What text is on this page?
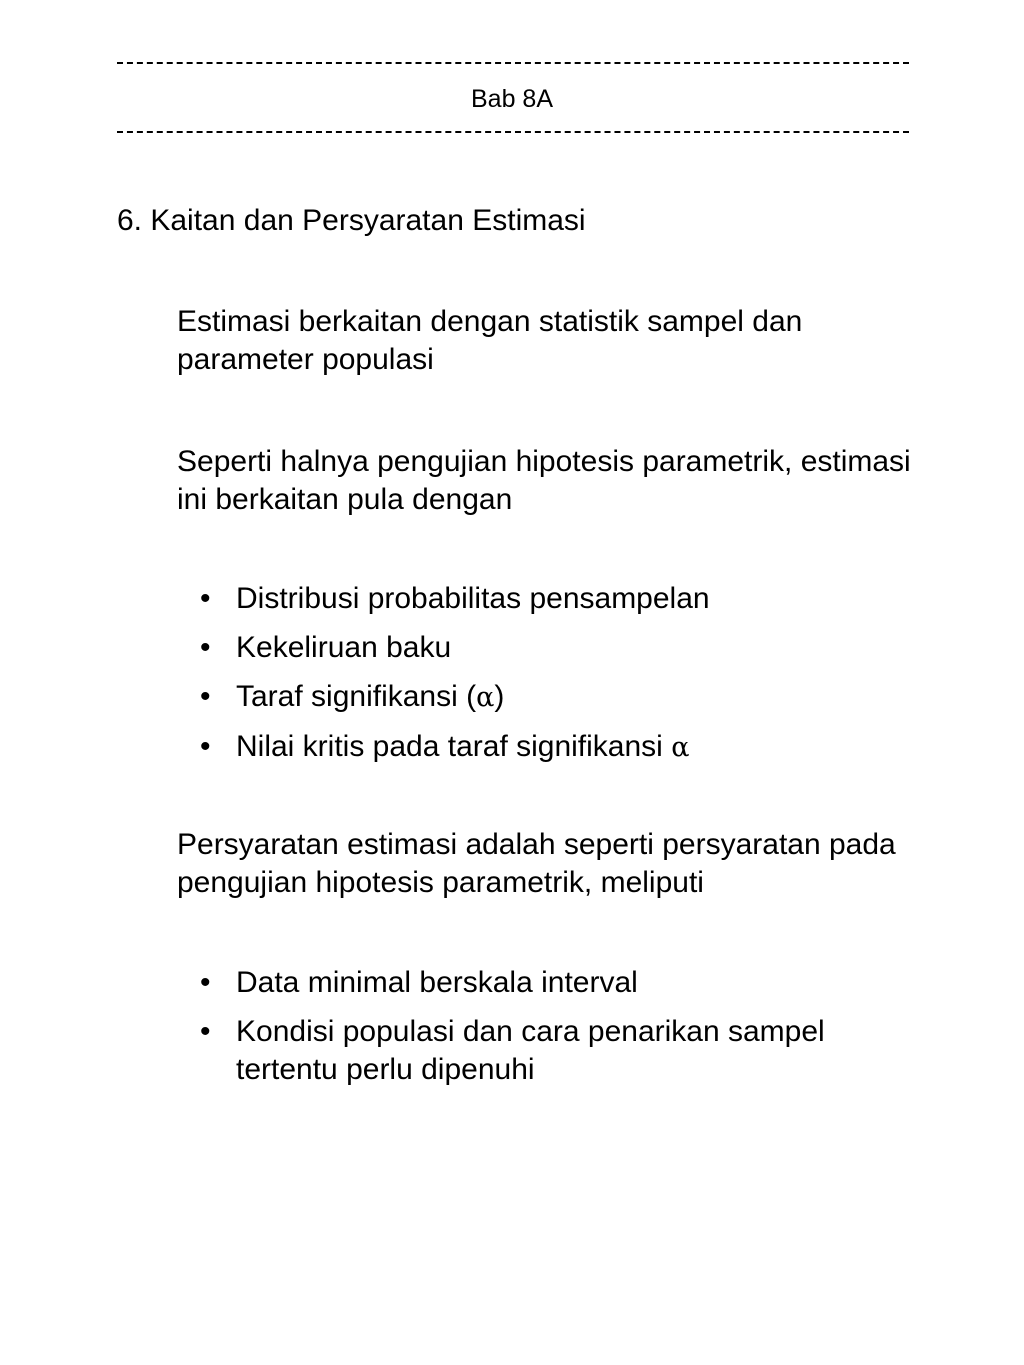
Bab 8A
6. Kaitan dan Persyaratan Estimasi

Estimasi berkaitan dengan statistik sampel dan parameter populasi

Seperti halnya pengujian hipotesis parametrik, estimasi ini berkaitan pula dengan

• Distribusi probabilitas pensampelan
• Kekeliruan baku
• Taraf signifikansi (α)
• Nilai kritis pada taraf signifikansi α

Persyaratan estimasi adalah seperti persyaratan pada pengujian hipotesis parametrik, meliputi

• Data minimal berskala interval
• Kondisi populasi dan cara penarikan sampel tertentu perlu dipenuhi
